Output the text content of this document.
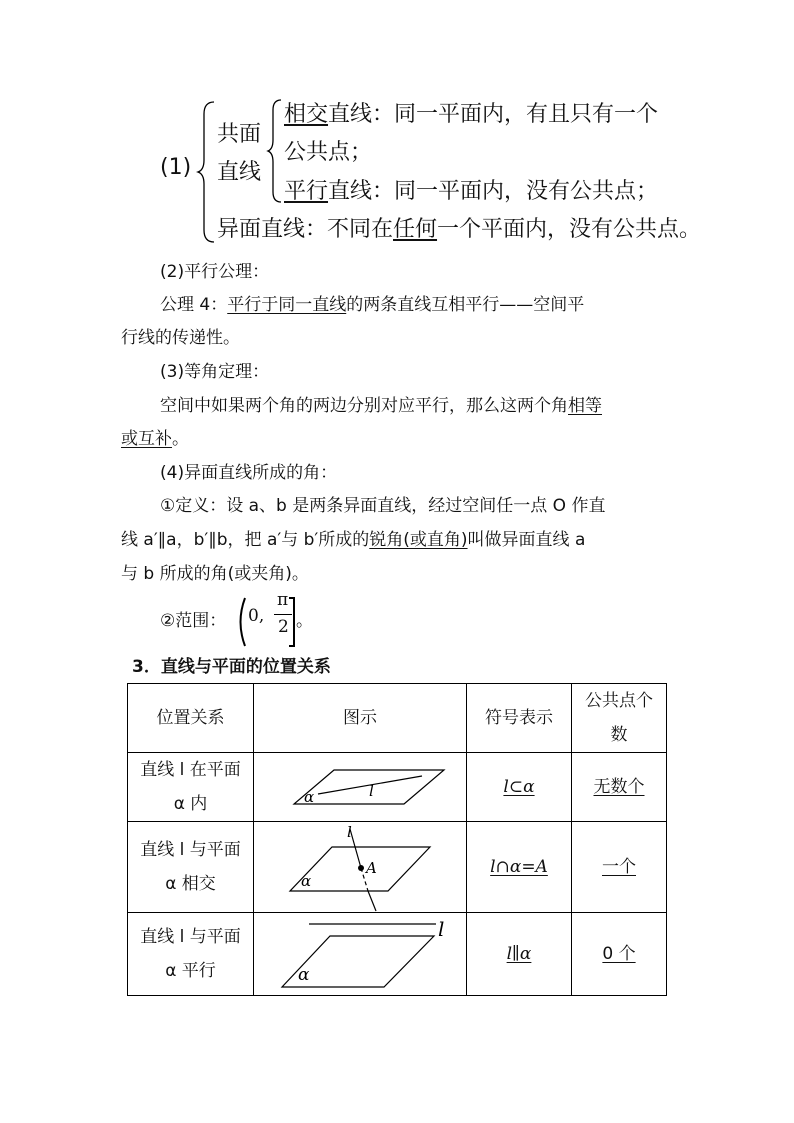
(1)
共面
直线
相交直线：同一平面内，有且只有一个
公共点；
平行直线：同一平面内，没有公共点；
异面直线：不同在任何一个平面内，没有公共点。
(2)平行公理：
公理 4：平行于同一直线的两条直线互相平行——空间平
行线的传递性。
(3)等角定理：
空间中如果两个角的两边分别对应平行，那么这两个角相等
或互补。
(4)异面直线所成的角：
①定义：设 a、b 是两条异面直线，经过空间任一点 O 作直
线 a′∥a，b′∥b，把 a′与 b′所成的锐角(或直角)叫做异面直线 a
与 b 所成的角(或夹角)。
②范围： 0,
π
2 。
3．直线与平面的位置关系
位置关系	图示	符号表示	公共点个
数
直线 l 在平面
α 内	α l	l⊂α	无数个
直线 l 与平面
α 相交	l
A
α	l∩α=A	一个
直线 l 与平面
α 平行	l
α	l∥α	0 个
